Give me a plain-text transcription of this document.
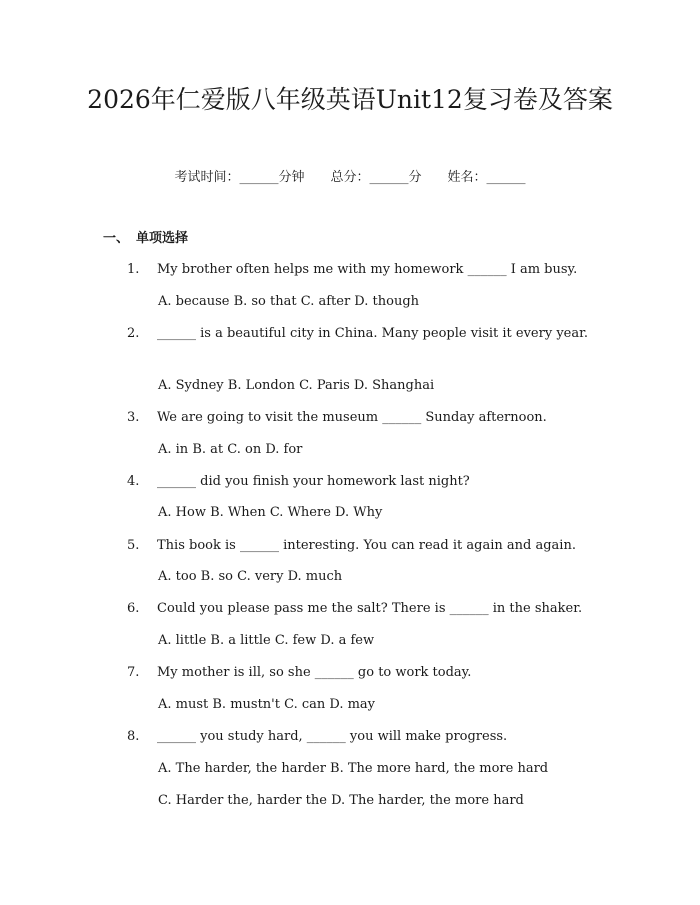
2026年仁爱版八年级英语Unit12复习卷及答案
考试时间：______分钟 总分：______分 姓名：______
一、 单项选择
1.	My brother often helps me with my homework ______ I am busy.
A. because B. so that C. after D. though
2.	______ is a beautiful city in China. Many people visit it every year.
A. Sydney B. London C. Paris D. Shanghai
3.	We are going to visit the museum ______ Sunday afternoon.
A. in B. at C. on D. for
4.	______ did you finish your homework last night?
A. How B. When C. Where D. Why
5.	This book is ______ interesting. You can read it again and again.
A. too B. so C. very D. much
6.	Could you please pass me the salt? There is ______ in the shaker.
A. little B. a little C. few D. a few
7.	My mother is ill, so she ______ go to work today.
A. must B. mustn't C. can D. may
8.	______ you study hard, ______ you will make progress.
A. The harder, the harder B. The more hard, the more hard
C. Harder the, harder the D. The harder, the more hard
